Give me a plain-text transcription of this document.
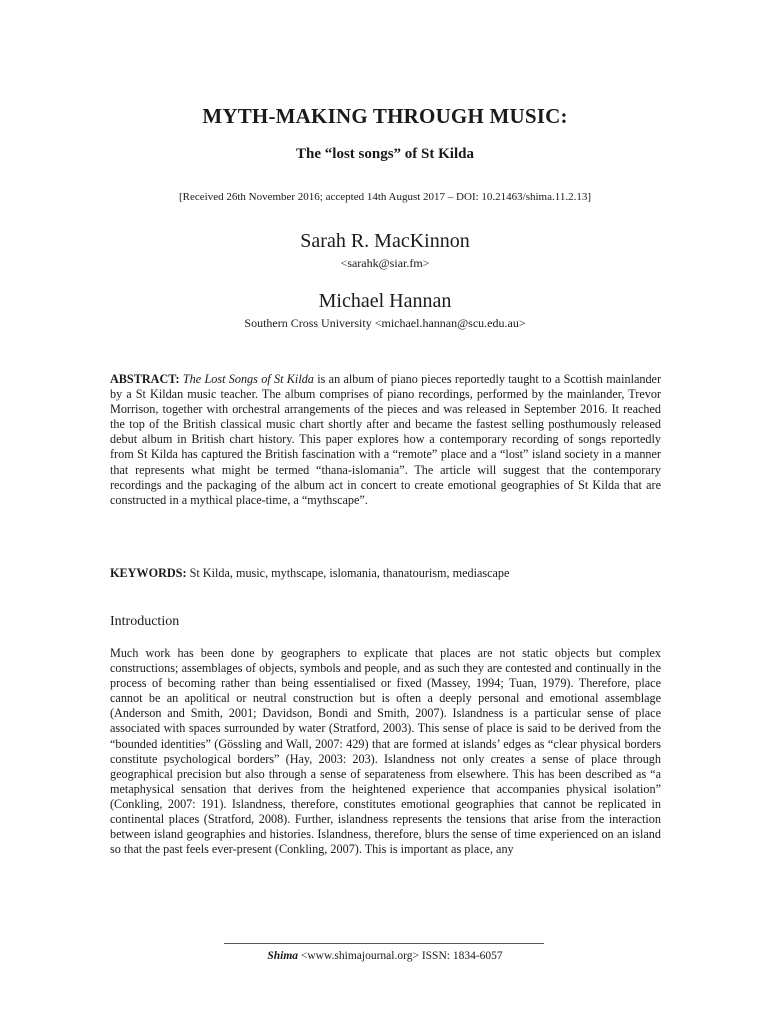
MYTH-MAKING THROUGH MUSIC:
The “lost songs” of St Kilda
[Received 26th November 2016; accepted 14th August 2017 – DOI: 10.21463/shima.11.2.13]
Sarah R. MacKinnon
<sarahk@siar.fm>
Michael Hannan
Southern Cross University <michael.hannan@scu.edu.au>
ABSTRACT: The Lost Songs of St Kilda is an album of piano pieces reportedly taught to a Scottish mainlander by a St Kildan music teacher. The album comprises of piano recordings, performed by the mainlander, Trevor Morrison, together with orchestral arrangements of the pieces and was released in September 2016. It reached the top of the British classical music chart shortly after and became the fastest selling posthumously released debut album in British chart history. This paper explores how a contemporary recording of songs reportedly from St Kilda has captured the British fascination with a “remote” place and a “lost” island society in a manner that represents what might be termed “thana-islomania”. The article will suggest that the contemporary recordings and the packaging of the album act in concert to create emotional geographies of St Kilda that are constructed in a mythical place-time, a “mythscape”.
KEYWORDS: St Kilda, music, mythscape, islomania, thanatourism, mediascape
Introduction
Much work has been done by geographers to explicate that places are not static objects but complex constructions; assemblages of objects, symbols and people, and as such they are contested and continually in the process of becoming rather than being essentialised or fixed (Massey, 1994; Tuan, 1979). Therefore, place cannot be an apolitical or neutral construction but is often a deeply personal and emotional assemblage (Anderson and Smith, 2001; Davidson, Bondi and Smith, 2007). Islandness is a particular sense of place associated with spaces surrounded by water (Stratford, 2003). This sense of place is said to be derived from the “bounded identities” (Gössling and Wall, 2007: 429) that are formed at islands’ edges as “clear physical borders constitute psychological borders” (Hay, 2003: 203). Islandness not only creates a sense of place through geographical precision but also through a sense of separateness from elsewhere. This has been described as “a metaphysical sensation that derives from the heightened experience that accompanies physical isolation” (Conkling, 2007: 191). Islandness, therefore, constitutes emotional geographies that cannot be replicated in continental places (Stratford, 2008). Further, islandness represents the tensions that arise from the interaction between island geographies and histories. Islandness, therefore, blurs the sense of time experienced on an island so that the past feels ever-present (Conkling, 2007). This is important as place, any
Shima <www.shimajournal.org> ISSN: 1834-6057
